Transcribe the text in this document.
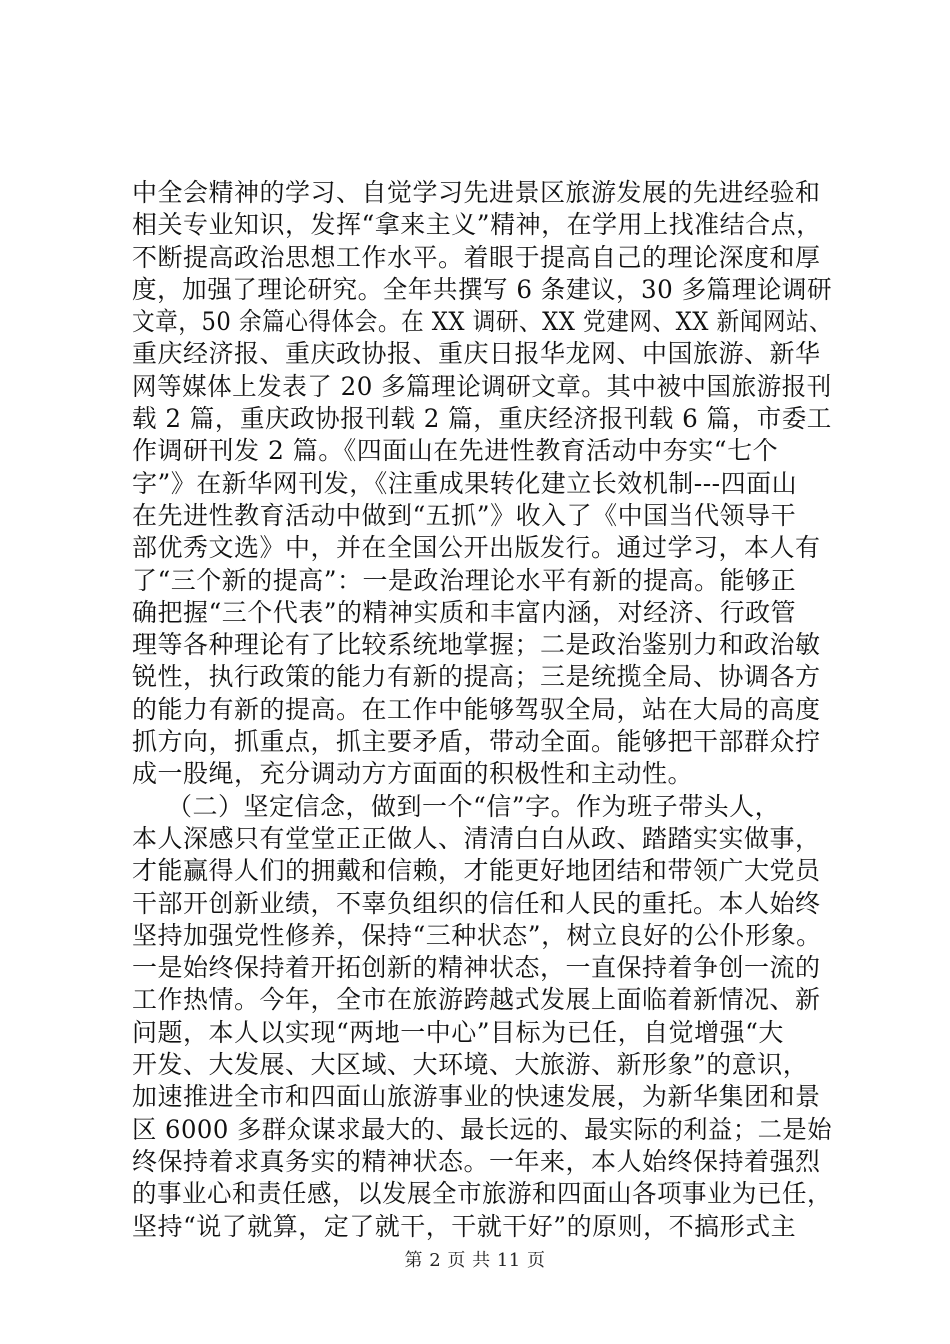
中全会精神的学习、自觉学习先进景区旅游发展的先进经验和
相关专业知识，发挥“拿来主义”精神，在学用上找准结合点，
不断提高政治思想工作水平。着眼于提高自己的理论深度和厚
度，加强了理论研究。全年共撰写 6 条建议，30 多篇理论调研
文章，50 余篇心得体会。在 XX 调研、XX 党建网、XX 新闻网站、
重庆经济报、重庆政协报、重庆日报华龙网、中国旅游、新华
网等媒体上发表了 20 多篇理论调研文章。其中被中国旅游报刊
载 2 篇，重庆政协报刊载 2 篇，重庆经济报刊载 6 篇，市委工
作调研刊发 2 篇。《四面山在先进性教育活动中夯实“七个
字”》在新华网刊发，《注重成果转化建立长效机制---四面山
在先进性教育活动中做到“五抓”》收入了《中国当代领导干
部优秀文选》中，并在全国公开出版发行。通过学习，本人有
了“三个新的提高”：一是政治理论水平有新的提高。能够正
确把握“三个代表”的精神实质和丰富内涵，对经济、行政管
理等各种理论有了比较系统地掌握；二是政治鉴别力和政治敏
锐性，执行政策的能力有新的提高；三是统揽全局、协调各方
的能力有新的提高。在工作中能够驾驭全局，站在大局的高度
抓方向，抓重点，抓主要矛盾，带动全面。能够把干部群众拧
成一股绳，充分调动方方面面的积极性和主动性。
（二）坚定信念，做到一个“信”字。作为班子带头人，
本人深感只有堂堂正正做人、清清白白从政、踏踏实实做事，
才能赢得人们的拥戴和信赖，才能更好地团结和带领广大党员
干部开创新业绩，不辜负组织的信任和人民的重托。本人始终
坚持加强党性修养，保持“三种状态”，树立良好的公仆形象。
一是始终保持着开拓创新的精神状态，一直保持着争创一流的
工作热情。今年，全市在旅游跨越式发展上面临着新情况、新
问题，本人以实现“两地一中心”目标为已任，自觉增强“大
开发、大发展、大区域、大环境、大旅游、新形象”的意识，
加速推进全市和四面山旅游事业的快速发展，为新华集团和景
区 6000 多群众谋求最大的、最长远的、最实际的利益；二是始
终保持着求真务实的精神状态。一年来，本人始终保持着强烈
的事业心和责任感，以发展全市旅游和四面山各项事业为已任，
坚持“说了就算，定了就干，干就干好”的原则，不搞形式主
第 2 页 共 11 页
